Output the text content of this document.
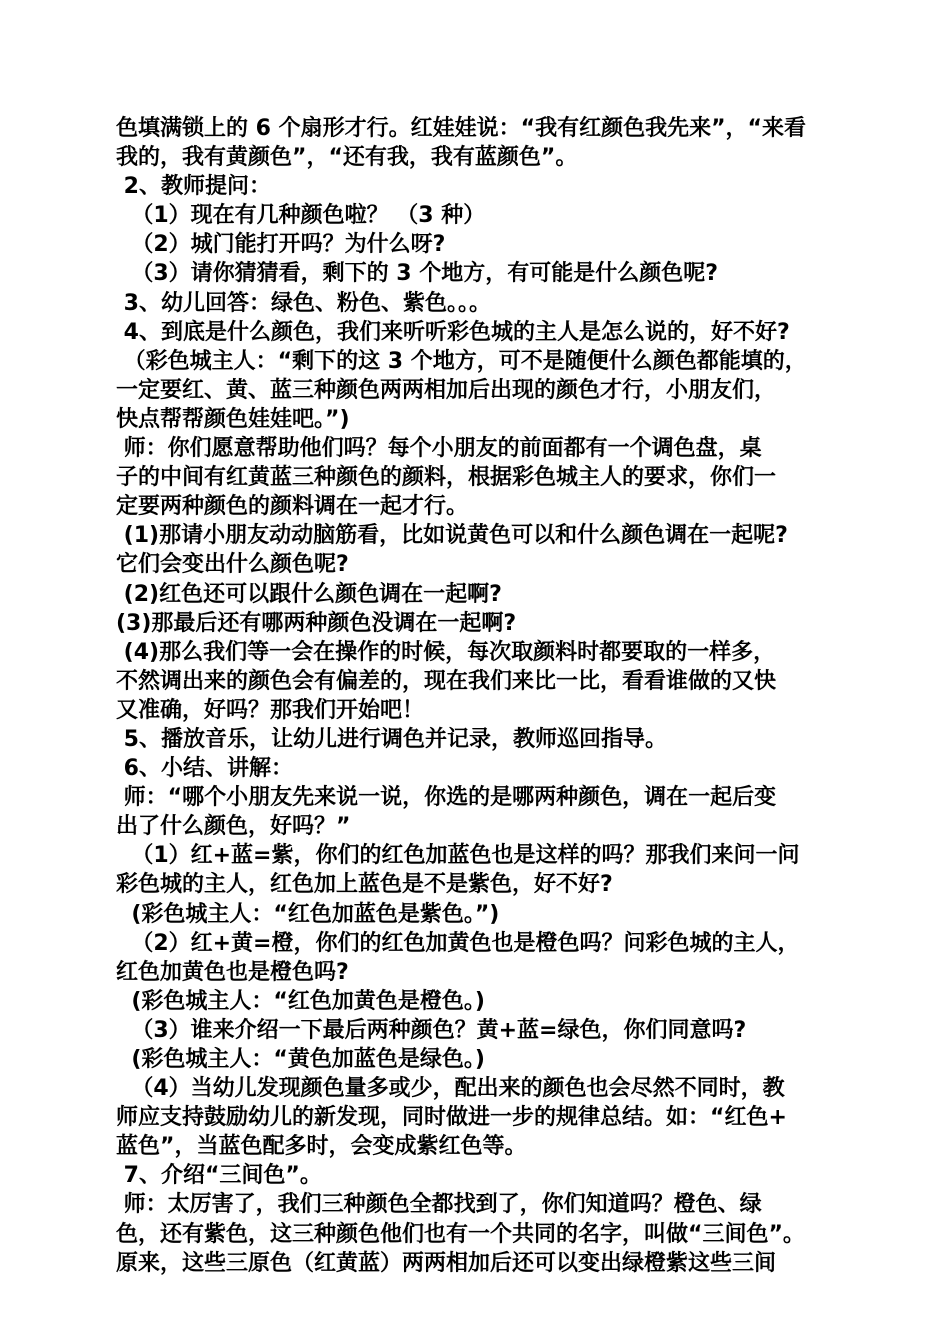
色填满锁上的 6 个扇形才行。红娃娃说：“我有红颜色我先来”，“来看
我的，我有黄颜色”，“还有我，我有蓝颜色”。
2、教师提问：
（1）现在有几种颜色啦？ （3 种）
（2）城门能打开吗？为什么呀?
（3）请你猜猜看，剩下的 3 个地方，有可能是什么颜色呢?
3、幼儿回答：绿色、粉色、紫色。。。
4、到底是什么颜色，我们来听听彩色城的主人是怎么说的，好不好?
（彩色城主人：“剩下的这 3 个地方，可不是随便什么颜色都能填的，
一定要红、黄、蓝三种颜色两两相加后出现的颜色才行，小朋友们，
快点帮帮颜色娃娃吧。”)
师：你们愿意帮助他们吗？每个小朋友的前面都有一个调色盘，桌
子的中间有红黄蓝三种颜色的颜料，根据彩色城主人的要求，你们一
定要两种颜色的颜料调在一起才行。
(1)那请小朋友动动脑筋看，比如说黄色可以和什么颜色调在一起呢?
它们会变出什么颜色呢?
(2)红色还可以跟什么颜色调在一起啊?
(3)那最后还有哪两种颜色没调在一起啊?
(4)那么我们等一会在操作的时候，每次取颜料时都要取的一样多，
不然调出来的颜色会有偏差的，现在我们来比一比，看看谁做的又快
又准确，好吗？那我们开始吧！
5、播放音乐，让幼儿进行调色并记录，教师巡回指导。
6、小结、讲解：
师：“哪个小朋友先来说一说，你选的是哪两种颜色，调在一起后变
出了什么颜色，好吗？”
（1）红+蓝=紫，你们的红色加蓝色也是这样的吗？那我们来问一问
彩色城的主人，红色加上蓝色是不是紫色，好不好?
(彩色城主人：“红色加蓝色是紫色。”)
（2）红+黄=橙，你们的红色加黄色也是橙色吗？问彩色城的主人，
红色加黄色也是橙色吗?
(彩色城主人：“红色加黄色是橙色。)
（3）谁来介绍一下最后两种颜色？黄+蓝=绿色，你们同意吗?
(彩色城主人：“黄色加蓝色是绿色。)
（4）当幼儿发现颜色量多或少，配出来的颜色也会尽然不同时，教
师应支持鼓励幼儿的新发现，同时做进一步的规律总结。如：“红色+
蓝色”，当蓝色配多时，会变成紫红色等。
7、介绍“三间色”。
师：太厉害了，我们三种颜色全都找到了，你们知道吗？橙色、绿
色，还有紫色，这三种颜色他们也有一个共同的名字，叫做“三间色”。
原来，这些三原色（红黄蓝）两两相加后还可以变出绿橙紫这些三间
